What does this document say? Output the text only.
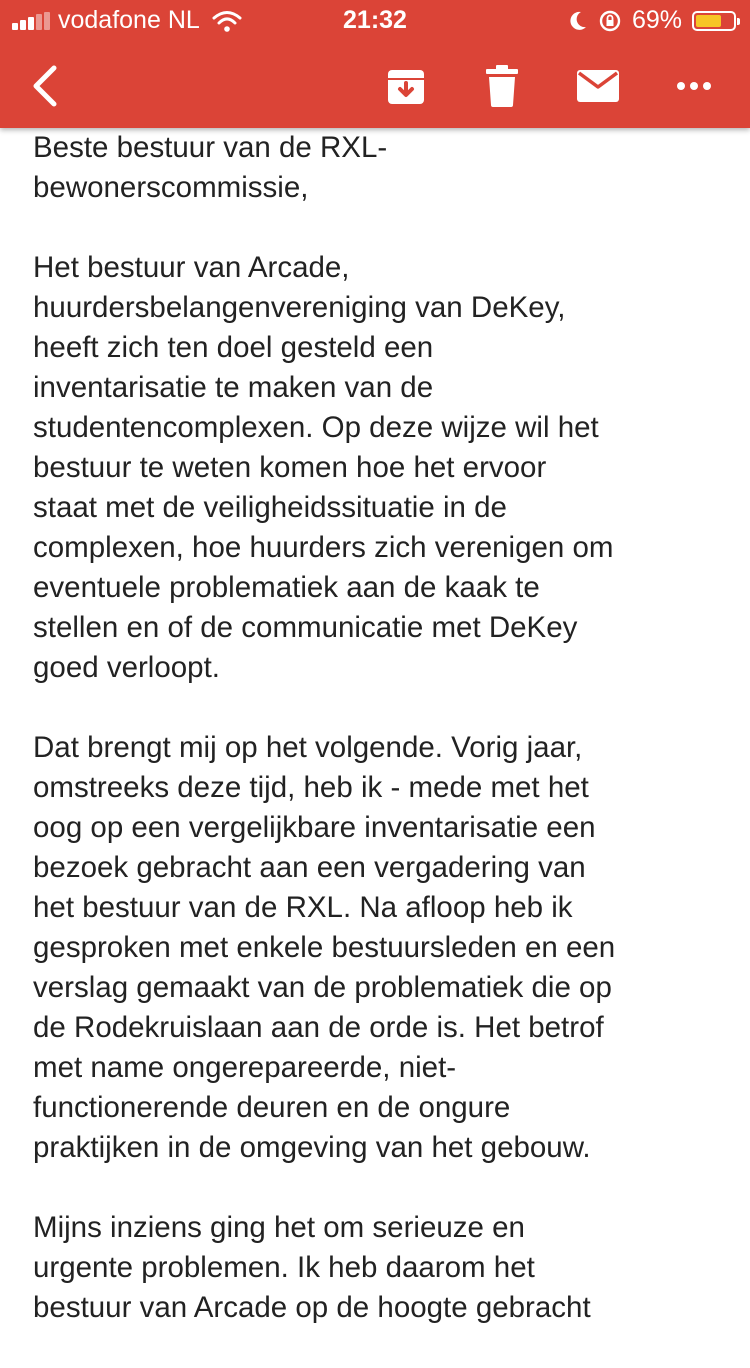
vodafone NL	21:32	69%

Beste bestuur van de RXL-
bewonerscommissie,

Het bestuur van Arcade,
huurdersbelangenvereniging van DeKey,
heeft zich ten doel gesteld een
inventarisatie te maken van de
studentencomplexen. Op deze wijze wil het
bestuur te weten komen hoe het ervoor
staat met de veiligheidssituatie in de
complexen, hoe huurders zich verenigen om
eventuele problematiek aan de kaak te
stellen en of de communicatie met DeKey
goed verloopt.

Dat brengt mij op het volgende. Vorig jaar,
omstreeks deze tijd, heb ik - mede met het
oog op een vergelijkbare inventarisatie een
bezoek gebracht aan een vergadering van
het bestuur van de RXL. Na afloop heb ik
gesproken met enkele bestuursleden en een
verslag gemaakt van de problematiek die op
de Rodekruislaan aan de orde is. Het betrof
met name ongerepareerde, niet-
functionerende deuren en de ongure
praktijken in de omgeving van het gebouw.

Mijns inziens ging het om serieuze en
urgente problemen. Ik heb daarom het
bestuur van Arcade op de hoogte gebracht
